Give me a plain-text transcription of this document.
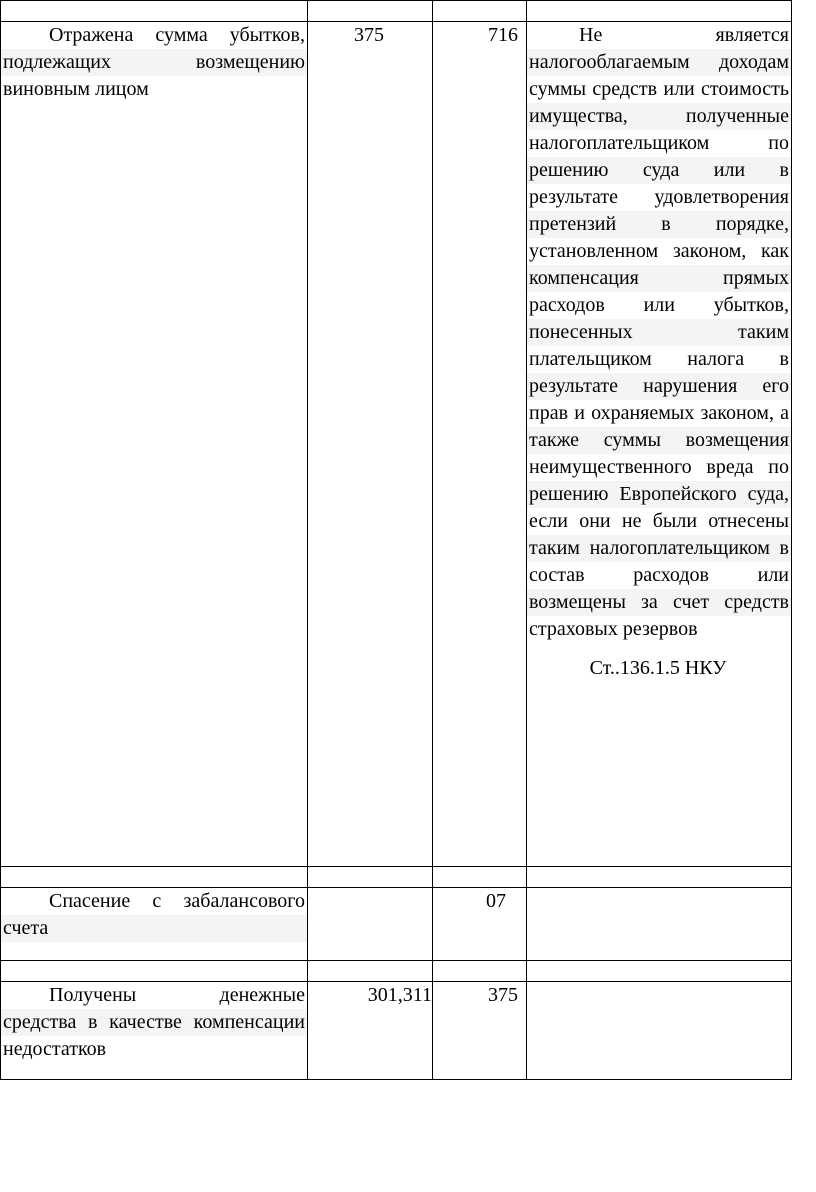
Отражена сумма убытков, подлежащих возмещению виновным лицом	375	716	Не является налогооблагаемым доходам суммы средств или стоимость имущества, полученные налогоплательщиком по решению суда или в результате удовлетворения претензий в порядке, установленном законом, как компенсация прямых расходов или убытков, понесенных таким плательщиком налога в результате нарушения его прав и охраняемых законом, а также суммы возмещения неимущественного вреда по решению Европейского суда, если они не были отнесены таким налогоплательщиком в состав расходов или возмещены за счет средств страховых резервов
Ст..136.1.5 НКУ

Спасение с забалансового счета		07	

Получены денежные средства в качестве компенсации недостатков	301,311	375	
